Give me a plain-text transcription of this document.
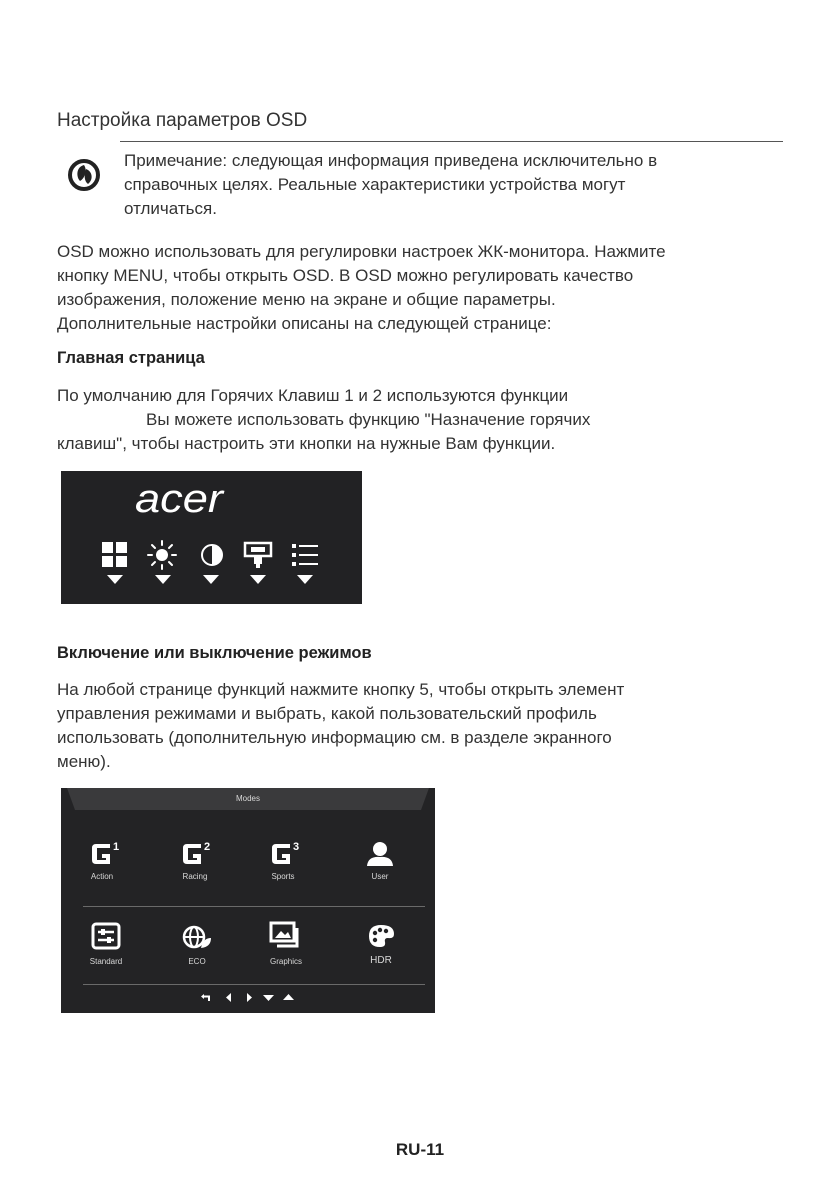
Настройка параметров OSD
Примечание: следующая информация приведена исключительно в
справочных целях. Реальные характеристики устройства могут
отличаться.
OSD можно использовать для регулировки настроек ЖК-монитора. Нажмите
кнопку MENU, чтобы открыть OSD. В OSD можно регулировать качество
изображения, положение меню на экране и общие параметры.
Дополнительные настройки описаны на следующей странице:
Главная страница
По умолчанию для Горячих Клавиш 1 и 2 используются функции
Вы можете использовать функцию "Назначение горячих
клавиш", чтобы настроить эти кнопки на нужные Вам функции.
acer
Включение или выключение режимов
На любой странице функций нажмите кнопку 5, чтобы открыть элемент
управления режимами и выбрать, какой пользовательский профиль
использовать (дополнительную информацию см. в разделе экранного
меню).
Modes
1	2	3
Action	Racing	Sports	User
Standard	ECO	Graphics	HDR
RU-11
